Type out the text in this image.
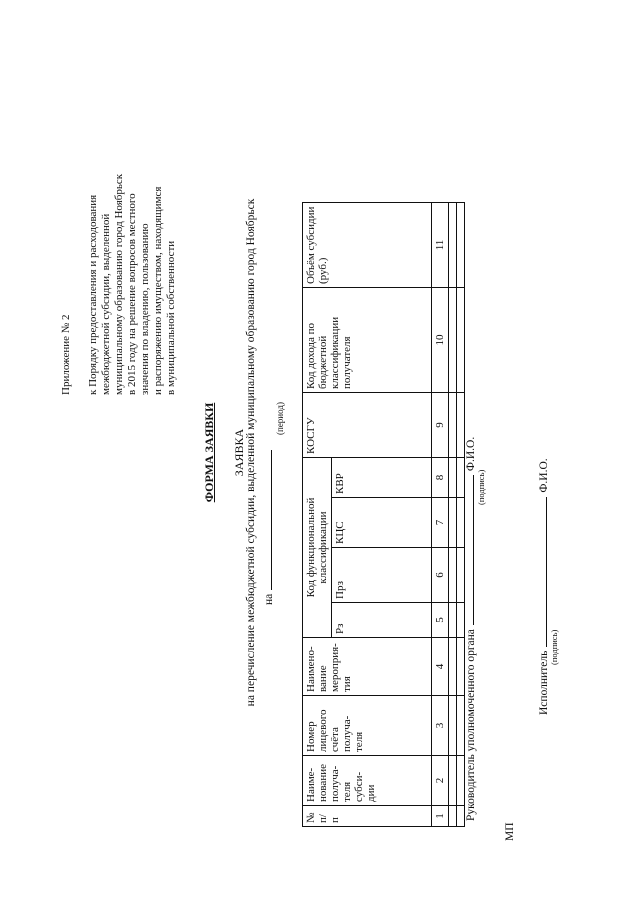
Приложение № 2 к Порядку предоставления и расходования межбюджетной субсидии, выделенной муниципальному образованию город Ноябрьск в 2015 году на решение вопросов местного значения по владению, пользованию и распоряжению имуществом, находящимся в муниципальной собственности
ФОРМА ЗАЯВКИ ЗАЯВКА на перечисление межбюджетной субсидии, выделенной муниципальному образованию город Ноябрьск на
(период)
№ п/п	Наиме-нование получа-теля субси-дии	Номер лицевого счёта получа-теля	Наимено-вание мероприя-тия	Код функциональной классификации				КОСГУ	Код дохода по бюджетной классификации получателя	Объём субсидии (руб.)
				Рз	Прз	КЦС	КВР			
1	2	3	4	5	6	7	8	9	10	11

Руководитель уполномоченного органаФ.И.О.
(подпись)
МП
ИсполнительФ.И.О.
(подпись)
